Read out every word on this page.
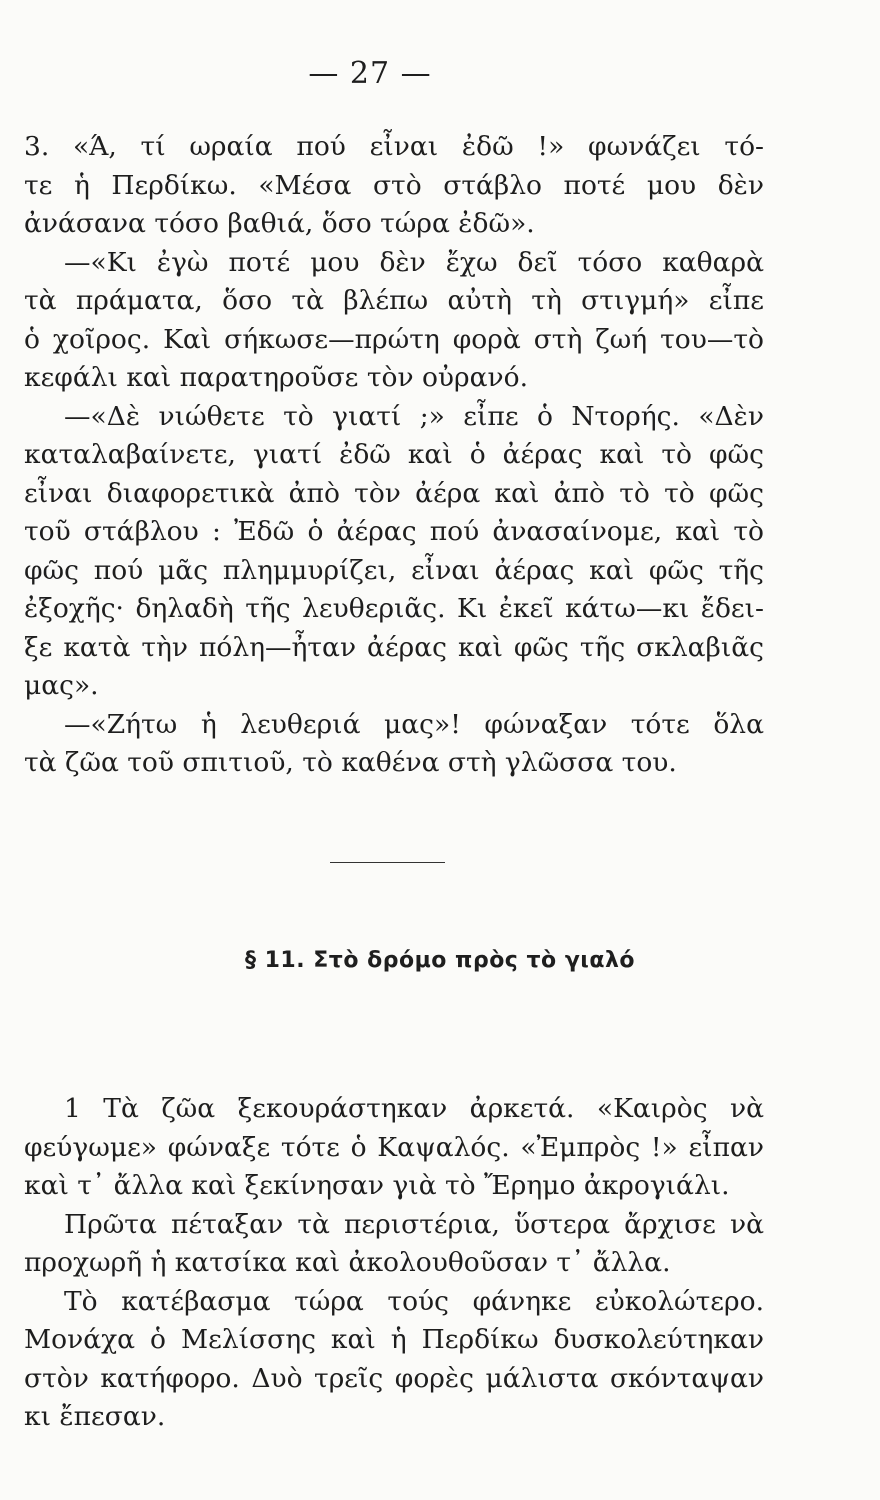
— 27 —
3. «Ά, τί ωραία πού εἶναι ἐδῶ !» φωνάζει τό-
τε ἡ Περδίκω. «Μέσα στὸ στάβλο ποτέ μου δὲν
ἀνάσανα τόσο βαθιά, ὅσο τώρα ἐδῶ».
—«Κι ἐγὼ ποτέ μου δὲν ἔχω δεῖ τόσο καθαρὰ
τὰ πράματα, ὅσο τὰ βλέπω αὐτὴ τὴ στιγμή» εἶπε
ὁ χοῖρος. Καὶ σήκωσε—πρώτη φορὰ στὴ ζωή του—τὸ
κεφάλι καὶ παρατηροῦσε τὸν οὐρανό.
—«Δὲ νιώθετε τὸ γιατί ;» εἶπε ὁ Ντορής. «Δὲν
καταλαβαίνετε, γιατί ἐδῶ καὶ ὁ ἀέρας καὶ τὸ φῶς
εἶναι διαφορετικὰ ἀπὸ τὸν ἀέρα καὶ ἀπὸ τὸ τὸ φῶς
τοῦ στάβλου : Ἐδῶ ὁ ἀέρας πού ἀνασαίνομε, καὶ τὸ
φῶς πού μᾶς πλημμυρίζει, εἶναι ἀέρας καὶ φῶς τῆς
ἐξοχῆς· δηλαδὴ τῆς λευθεριᾶς. Κι ἐκεῖ κάτω—κι ἔδει-
ξε κατὰ τὴν πόλη—ἦταν ἀέρας καὶ φῶς τῆς σκλαβιᾶς
μας».
—«Ζήτω ἡ λευθεριά μας»! φώναξαν τότε ὅλα
τὰ ζῶα τοῦ σπιτιοῦ, τὸ καθένα στὴ γλῶσσα του.
§ 11. Στὸ δρόμο πρὸς τὸ γιαλό
1 Τὰ ζῶα ξεκουράστηκαν ἀρκετά. «Καιρὸς νὰ
φεύγωμε» φώναξε τότε ὁ Καψαλός. «Ἐμπρὸς !» εἶπαν
καὶ τ᾿ ἄλλα καὶ ξεκίνησαν γιὰ τὸ Ἔρημο ἀκρογιάλι.
Πρῶτα πέταξαν τὰ περιστέρια, ὕστερα ἄρχισε νὰ
προχωρῆ ἡ κατσίκα καὶ ἀκολουθοῦσαν τ᾿ ἄλλα.
Τὸ κατέβασμα τώρα τούς φάνηκε εὐκολώτερο.
Μονάχα ὁ Μελίσσης καὶ ἡ Περδίκω δυσκολεύτηκαν
στὸν κατήφορο. Δυὸ τρεῖς φορὲς μάλιστα σκόνταψαν
κι ἔπεσαν.
